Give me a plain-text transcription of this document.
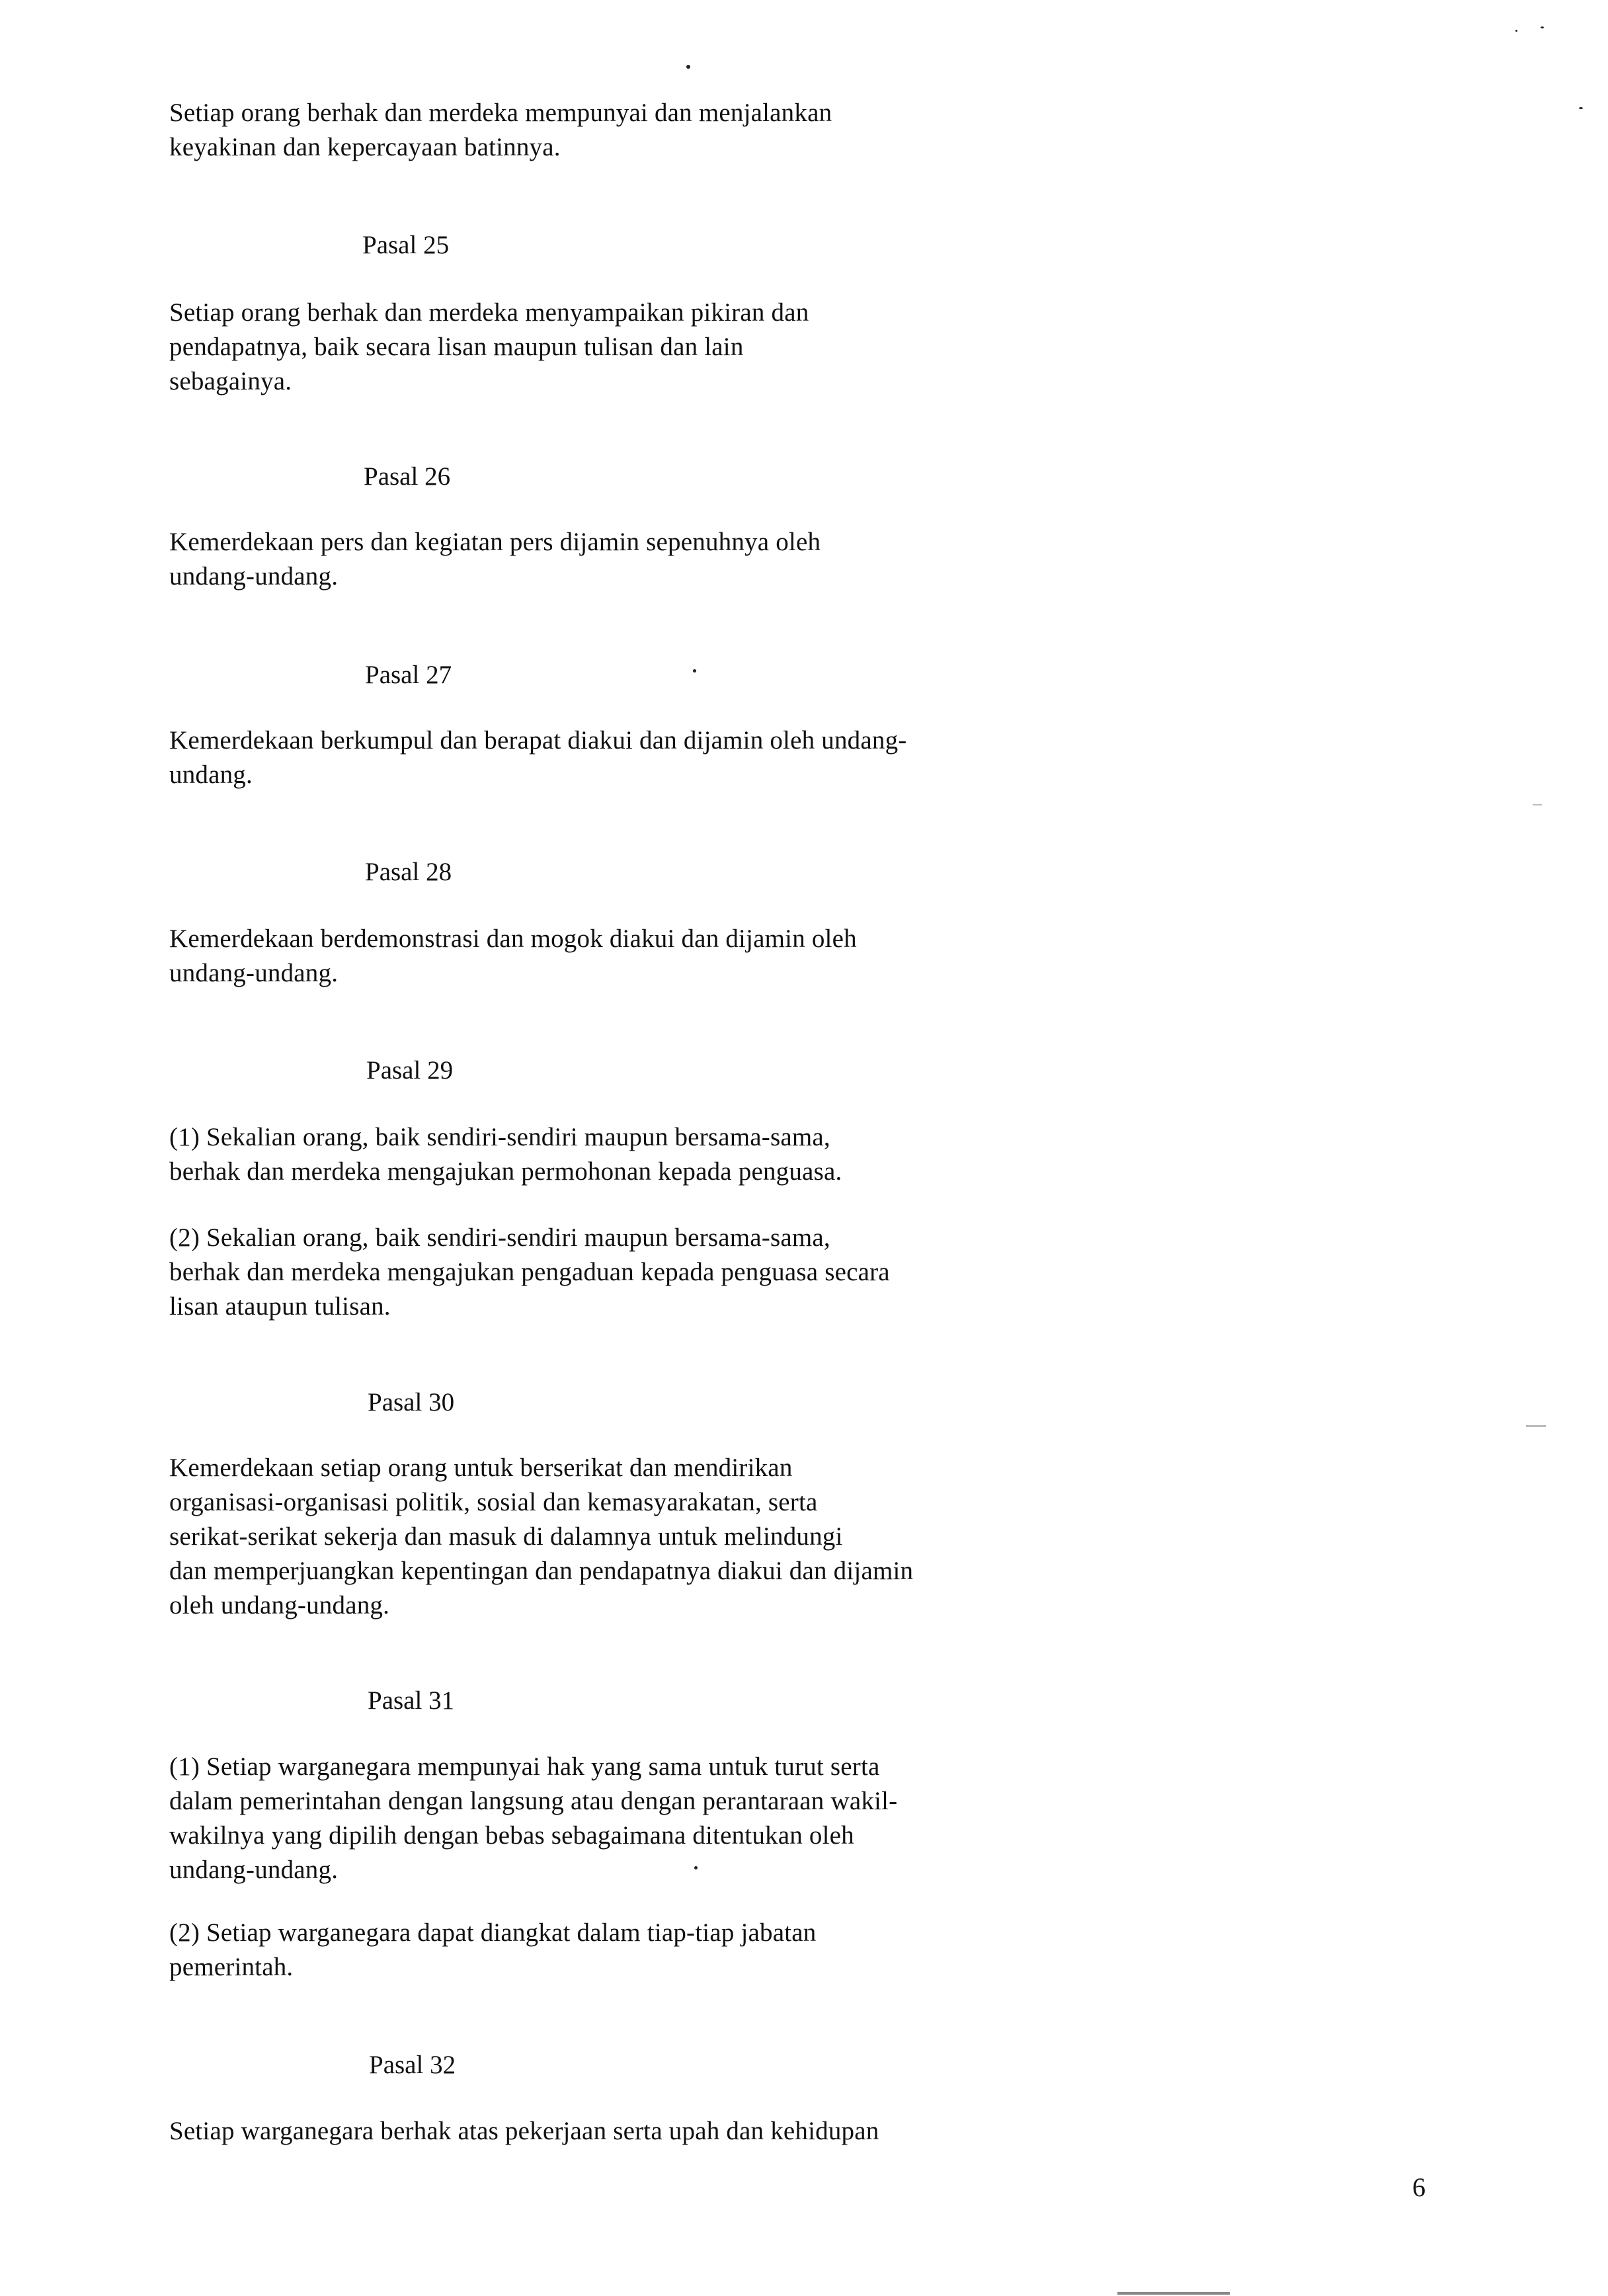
Setiap orang berhak dan merdeka mempunyai dan menjalankan
keyakinan dan kepercayaan batinnya.

Pasal 25

Setiap orang berhak dan merdeka menyampaikan pikiran dan
pendapatnya, baik secara lisan maupun tulisan dan lain
sebagainya.

Pasal 26

Kemerdekaan pers dan kegiatan pers dijamin sepenuhnya oleh
undang-undang.

Pasal 27

Kemerdekaan berkumpul dan berapat diakui dan dijamin oleh undang-
undang.

Pasal 28

Kemerdekaan berdemonstrasi dan mogok diakui dan dijamin oleh
undang-undang.

Pasal 29

(1) Sekalian orang, baik sendiri-sendiri maupun bersama-sama,
berhak dan merdeka mengajukan permohonan kepada penguasa.

(2) Sekalian orang, baik sendiri-sendiri maupun bersama-sama,
berhak dan merdeka mengajukan pengaduan kepada penguasa secara
lisan ataupun tulisan.

Pasal 30

Kemerdekaan setiap orang untuk berserikat dan mendirikan
organisasi-organisasi politik, sosial dan kemasyarakatan, serta
serikat-serikat sekerja dan masuk di dalamnya untuk melindungi
dan memperjuangkan kepentingan dan pendapatnya diakui dan dijamin
oleh undang-undang.

Pasal 31

(1) Setiap warganegara mempunyai hak yang sama untuk turut serta
dalam pemerintahan dengan langsung atau dengan perantaraan wakil-
wakilnya yang dipilih dengan bebas sebagaimana ditentukan oleh
undang-undang.

(2) Setiap warganegara dapat diangkat dalam tiap-tiap jabatan
pemerintah.

Pasal 32

Setiap warganegara berhak atas pekerjaan serta upah dan kehidupan

6
